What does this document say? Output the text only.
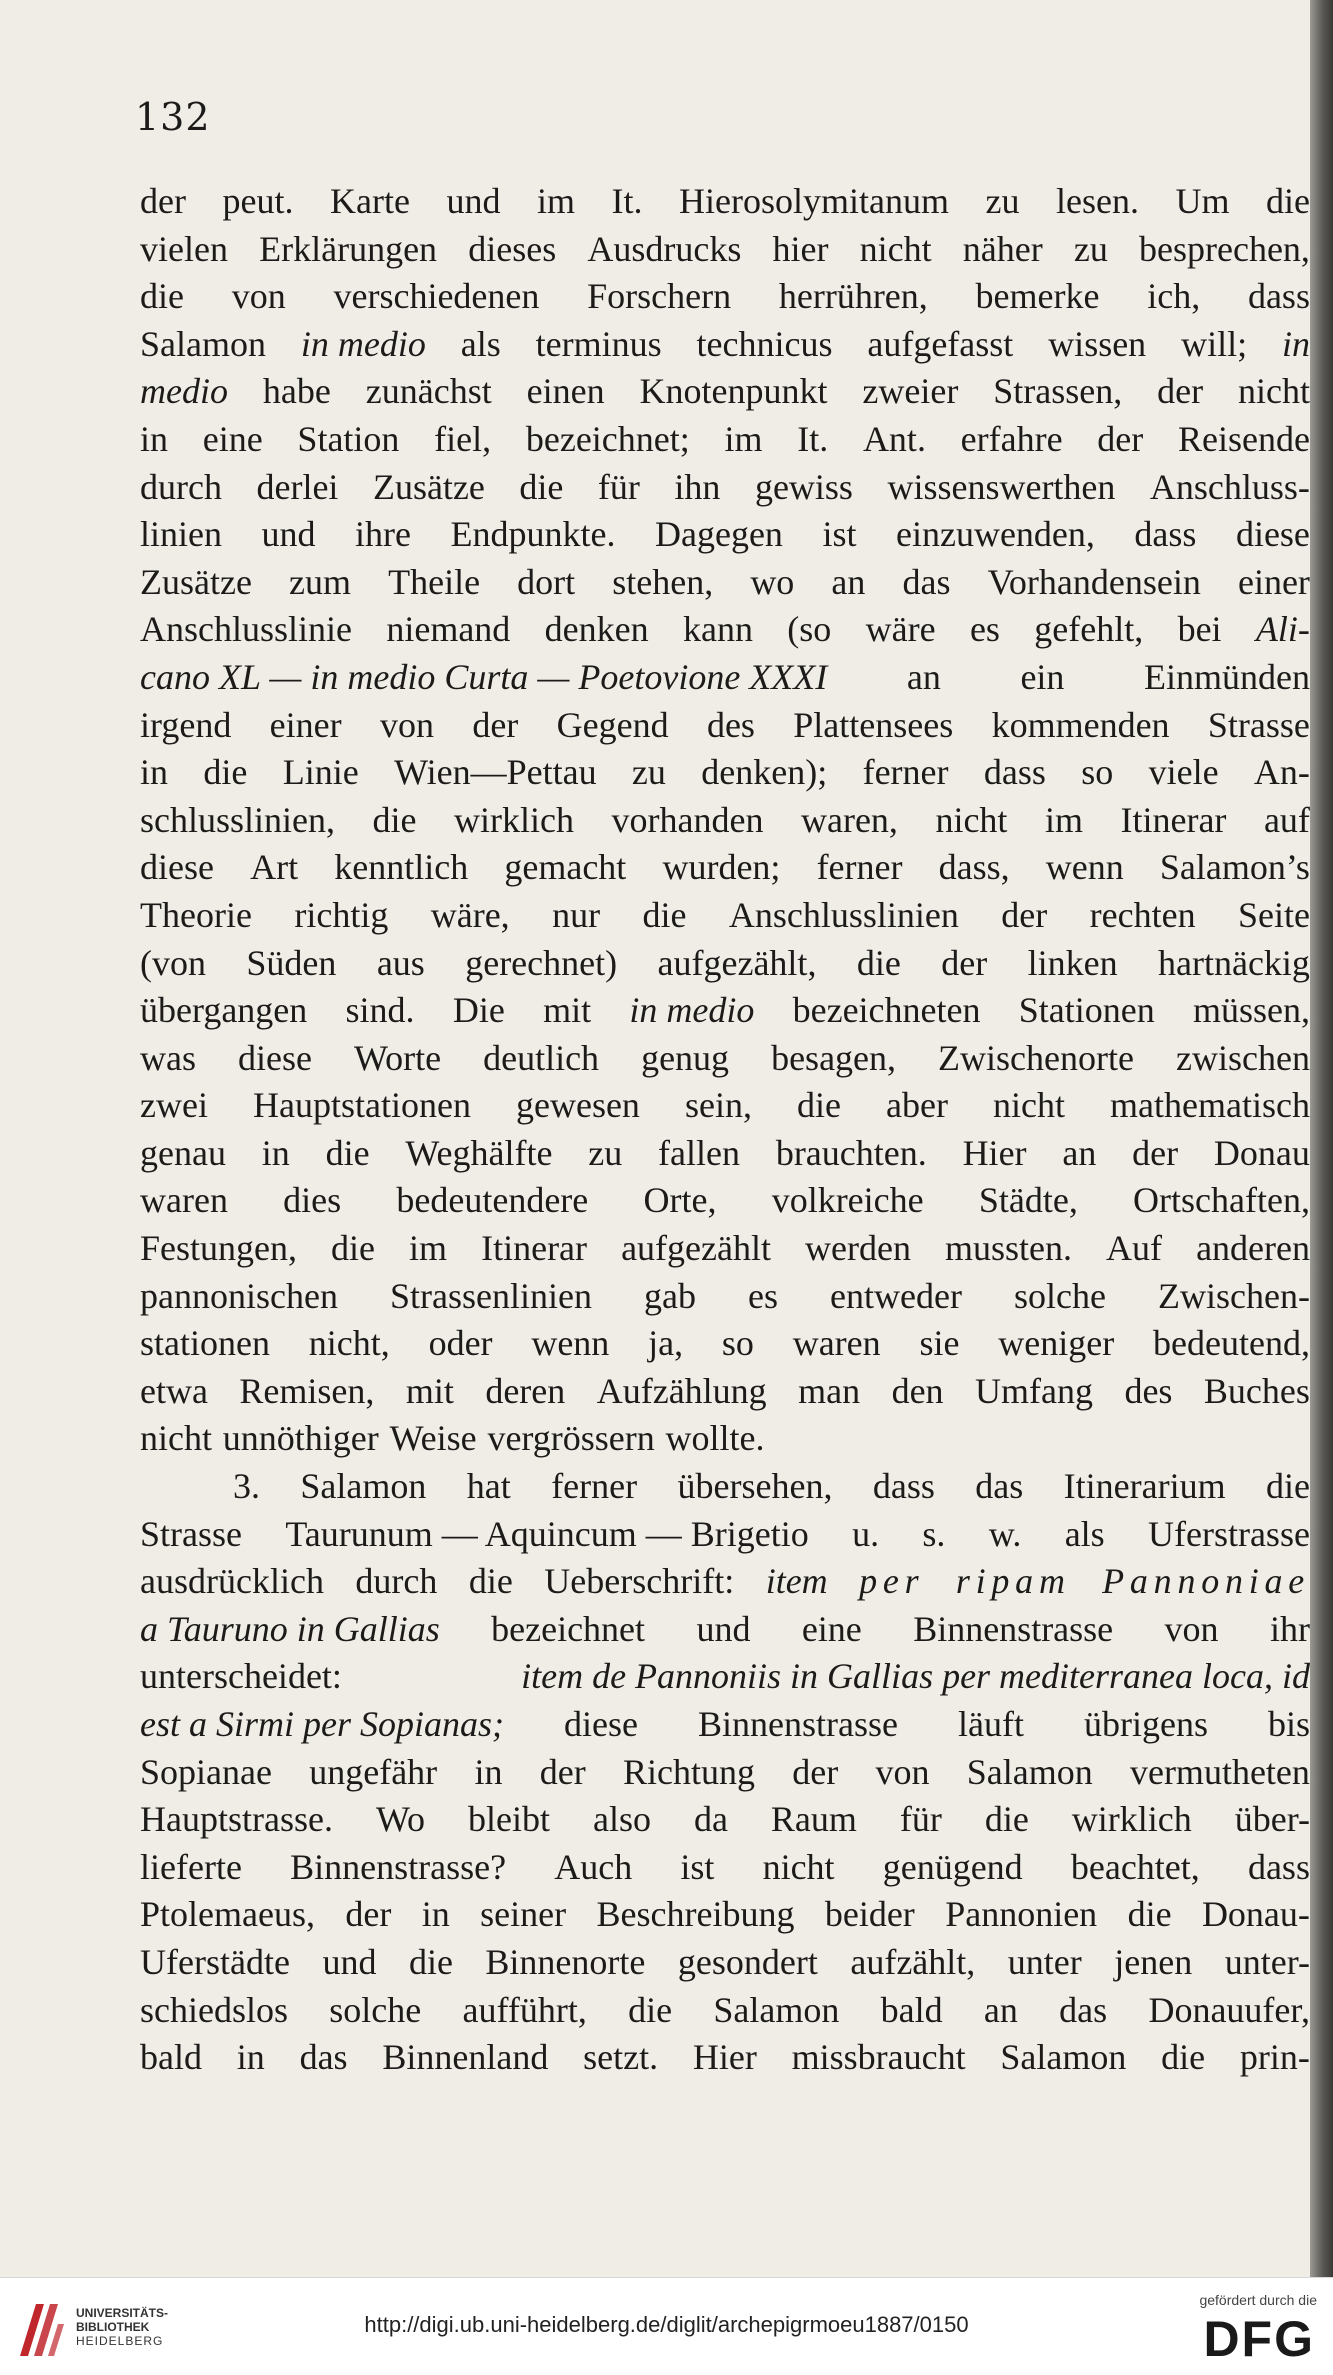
132
der peut. Karte und im It. Hierosolymitanum zu lesen. Um die
vielen Erklärungen dieses Ausdrucks hier nicht näher zu besprechen,
die von verschiedenen Forschern herrühren, bemerke ich, dass
Salamon in medio als terminus technicus aufgefasst wissen will; in
medio habe zunächst einen Knotenpunkt zweier Strassen, der nicht
in eine Station fiel, bezeichnet; im It. Ant. erfahre der Reisende
durch derlei Zusätze die für ihn gewiss wissenswerthen Anschluss-
linien und ihre Endpunkte. Dagegen ist einzuwenden, dass diese
Zusätze zum Theile dort stehen, wo an das Vorhandensein einer
Anschlusslinie niemand denken kann (so wäre es gefehlt, bei Ali-
cano XL — in medio Curta — Poetovione XXXI an ein Einmünden
irgend einer von der Gegend des Plattensees kommenden Strasse
in die Linie Wien—Pettau zu denken); ferner dass so viele An-
schlusslinien, die wirklich vorhanden waren, nicht im Itinerar auf
diese Art kenntlich gemacht wurden; ferner dass, wenn Salamon’s
Theorie richtig wäre, nur die Anschlusslinien der rechten Seite
(von Süden aus gerechnet) aufgezählt, die der linken hartnäckig
übergangen sind. Die mit in medio bezeichneten Stationen müssen,
was diese Worte deutlich genug besagen, Zwischenorte zwischen
zwei Hauptstationen gewesen sein, die aber nicht mathematisch
genau in die Weghälfte zu fallen brauchten. Hier an der Donau
waren dies bedeutendere Orte, volkreiche Städte, Ortschaften,
Festungen, die im Itinerar aufgezählt werden mussten. Auf anderen
pannonischen Strassenlinien gab es entweder solche Zwischen-
stationen nicht, oder wenn ja, so waren sie weniger bedeutend,
etwa Remisen, mit deren Aufzählung man den Umfang des Buches
nicht unnöthiger Weise vergrössern wollte.
3. Salamon hat ferner übersehen, dass das Itinerarium die
Strasse Taurunum — Aquincum — Brigetio u. s. w. als Uferstrasse
ausdrücklich durch die Ueberschrift: item per ripam Pannoniae
a Tauruno in Gallias bezeichnet und eine Binnenstrasse von ihr
unterscheidet:	item de Pannoniis in Gallias per mediterranea loca, id
est a Sirmi per Sopianas; diese Binnenstrasse läuft übrigens bis
Sopianae ungefähr in der Richtung der von Salamon vermutheten
Hauptstrasse. Wo bleibt also da Raum für die wirklich über-
lieferte Binnenstrasse? Auch ist nicht genügend beachtet, dass
Ptolemaeus, der in seiner Beschreibung beider Pannonien die Donau-
Uferstädte und die Binnenorte gesondert aufzählt, unter jenen unter-
schiedslos solche aufführt, die Salamon bald an das Donauufer,
bald in das Binnenland setzt. Hier missbraucht Salamon die prin-
UNIVERSITÄTS-
BIBLIOTHEK
HEIDELBERG
http://digi.ub.uni-heidelberg.de/diglit/archepigrmoeu1887/0150
gefördert durch die
DFG
